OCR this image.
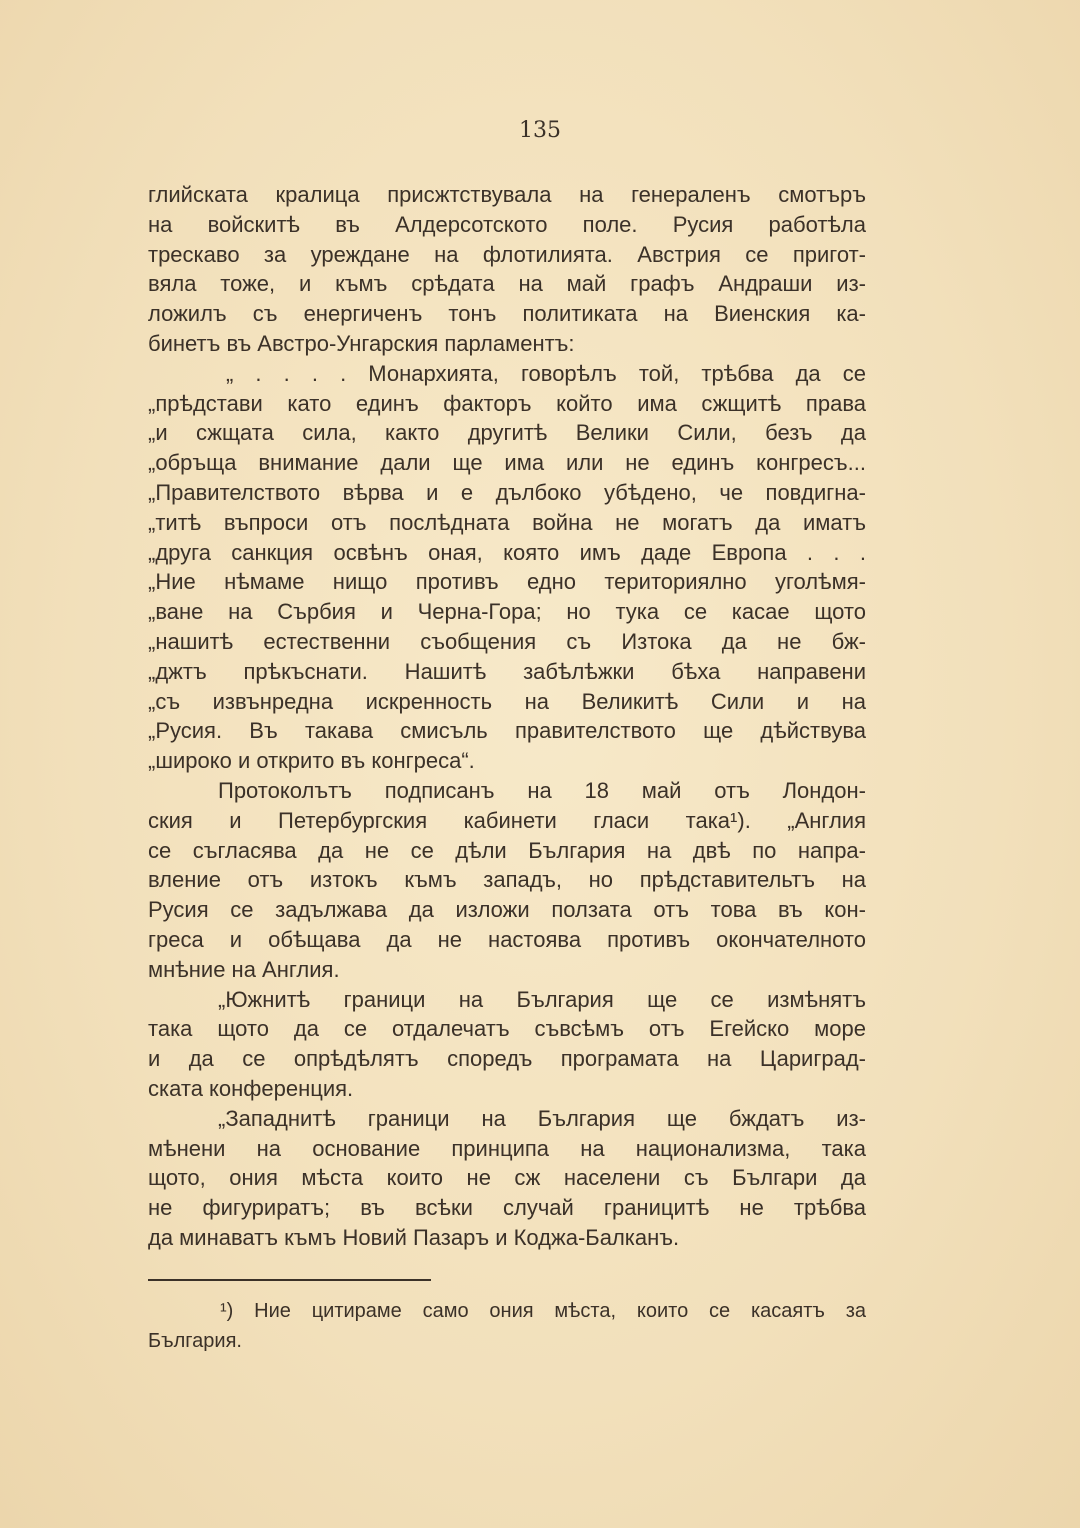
135
глийската кралица присжтствувала на генераленъ смотъръ
на войскитѣ въ Алдерсотското поле. Русия работѣла
трескаво за уреждане на флотилията. Австрия се пригот-
вяла тоже, и къмъ срѣдата на май графъ Андраши из-
ложилъ съ енергиченъ тонъ политиката на Виенския ка-
бинетъ въ Австро-Унгарския парламентъ:
„ . . . . Монархията, говорѣлъ той, трѣбва да се
„прѣдстави като единъ факторъ който има сжщитѣ права
„и сжщата сила, както другитѣ Велики Сили, безъ да
„обръща внимание дали ще има или не единъ конгресъ...
„Правителството вѣрва и е дълбоко убѣдено, че повдигна-
„титѣ въпроси отъ послѣдната война не могатъ да иматъ
„друга санкция освѣнъ оная, която имъ даде Европа . . .
„Ние нѣмаме нищо противъ едно териториялно уголѣмя-
„ване на Сърбия и Черна-Гора; но тука се касае щото
„нашитѣ естественни съобщения съ Изтока да не бж-
„джтъ прѣкъснати. Нашитѣ забѣлѣжки бѣха направени
„съ извънредна искренность на Великитѣ Сили и на
„Русия. Въ такава смисъль правителството ще дѣйствува
„широко и открито въ конгреса“.
Протоколътъ подписанъ на 18 май отъ Лондон-
ския и Петербургския кабинети гласи така¹). „Англия
се съгласява да не се дѣли България на двѣ по напра-
вление отъ изтокъ къмъ западъ, но прѣдставительтъ на
Русия се задължава да изложи ползата отъ това въ кон-
греса и обѣщава да не настоява противъ окончателното
мнѣние на Англия.
„Южнитѣ граници на България ще се измѣнятъ
така щото да се отдалечатъ съвсѣмъ отъ Егейско море
и да се опрѣдѣлятъ споредъ програмата на Цариград-
ската конференция.
„Западнитѣ граници на България ще бждатъ из-
мѣнени на основание принципа на национализма, така
щото, ония мѣста които не сж населени съ Българи да
не фигуриратъ; въ всѣки случай границитѣ не трѣбва
да минаватъ къмъ Новий Пазаръ и Коджа-Балканъ.
¹) Ние цитираме само ония мѣста, които се касаятъ за
България.
